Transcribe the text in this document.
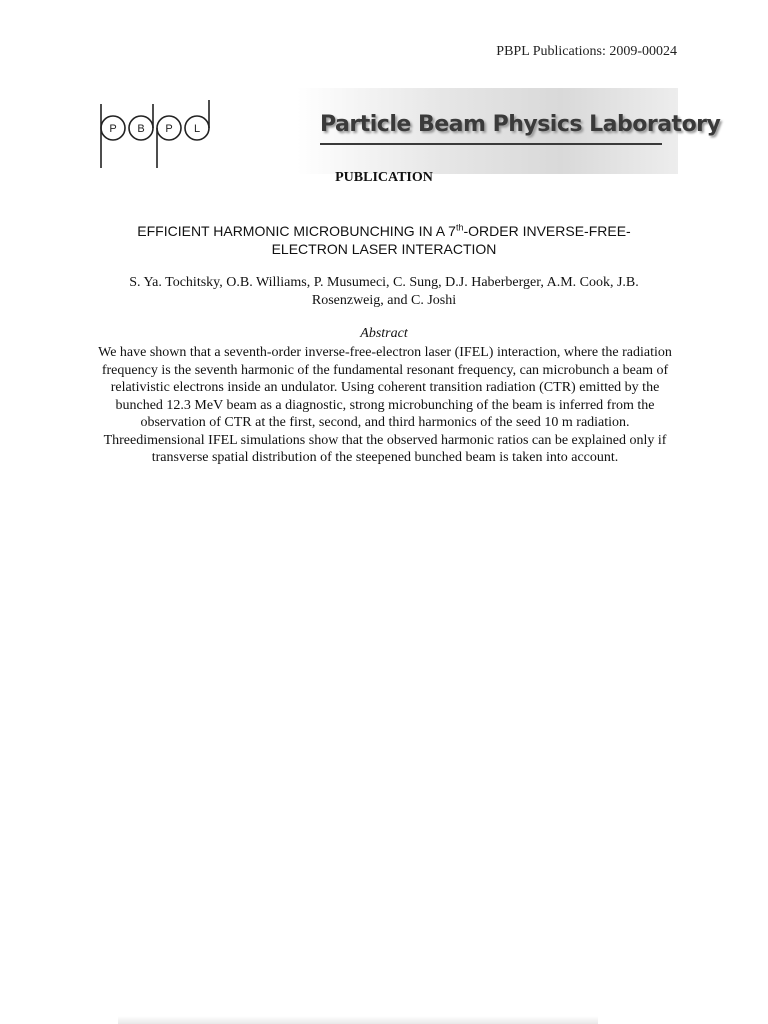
PBPL Publications: 2009-00024
P B P L	Particle Beam Physics Laboratory
PUBLICATION
EFFICIENT HARMONIC MICROBUNCHING IN A 7th-ORDER INVERSE-FREE-ELECTRON LASER INTERACTION
S. Ya. Tochitsky, O.B. Williams, P. Musumeci, C. Sung, D.J. Haberberger, A.M. Cook, J.B. Rosenzweig, and C. Joshi
Abstract
We have shown that a seventh-order inverse-free-electron laser (IFEL) interaction, where the radiation frequency is the seventh harmonic of the fundamental resonant frequency, can microbunch a beam of relativistic electrons inside an undulator. Using coherent transition radiation (CTR) emitted by the bunched 12.3 MeV beam as a diagnostic, strong microbunching of the beam is inferred from the observation of CTR at the first, second, and third harmonics of the seed 10 m radiation. Threedimensional IFEL simulations show that the observed harmonic ratios can be explained only if transverse spatial distribution of the steepened bunched beam is taken into account.
